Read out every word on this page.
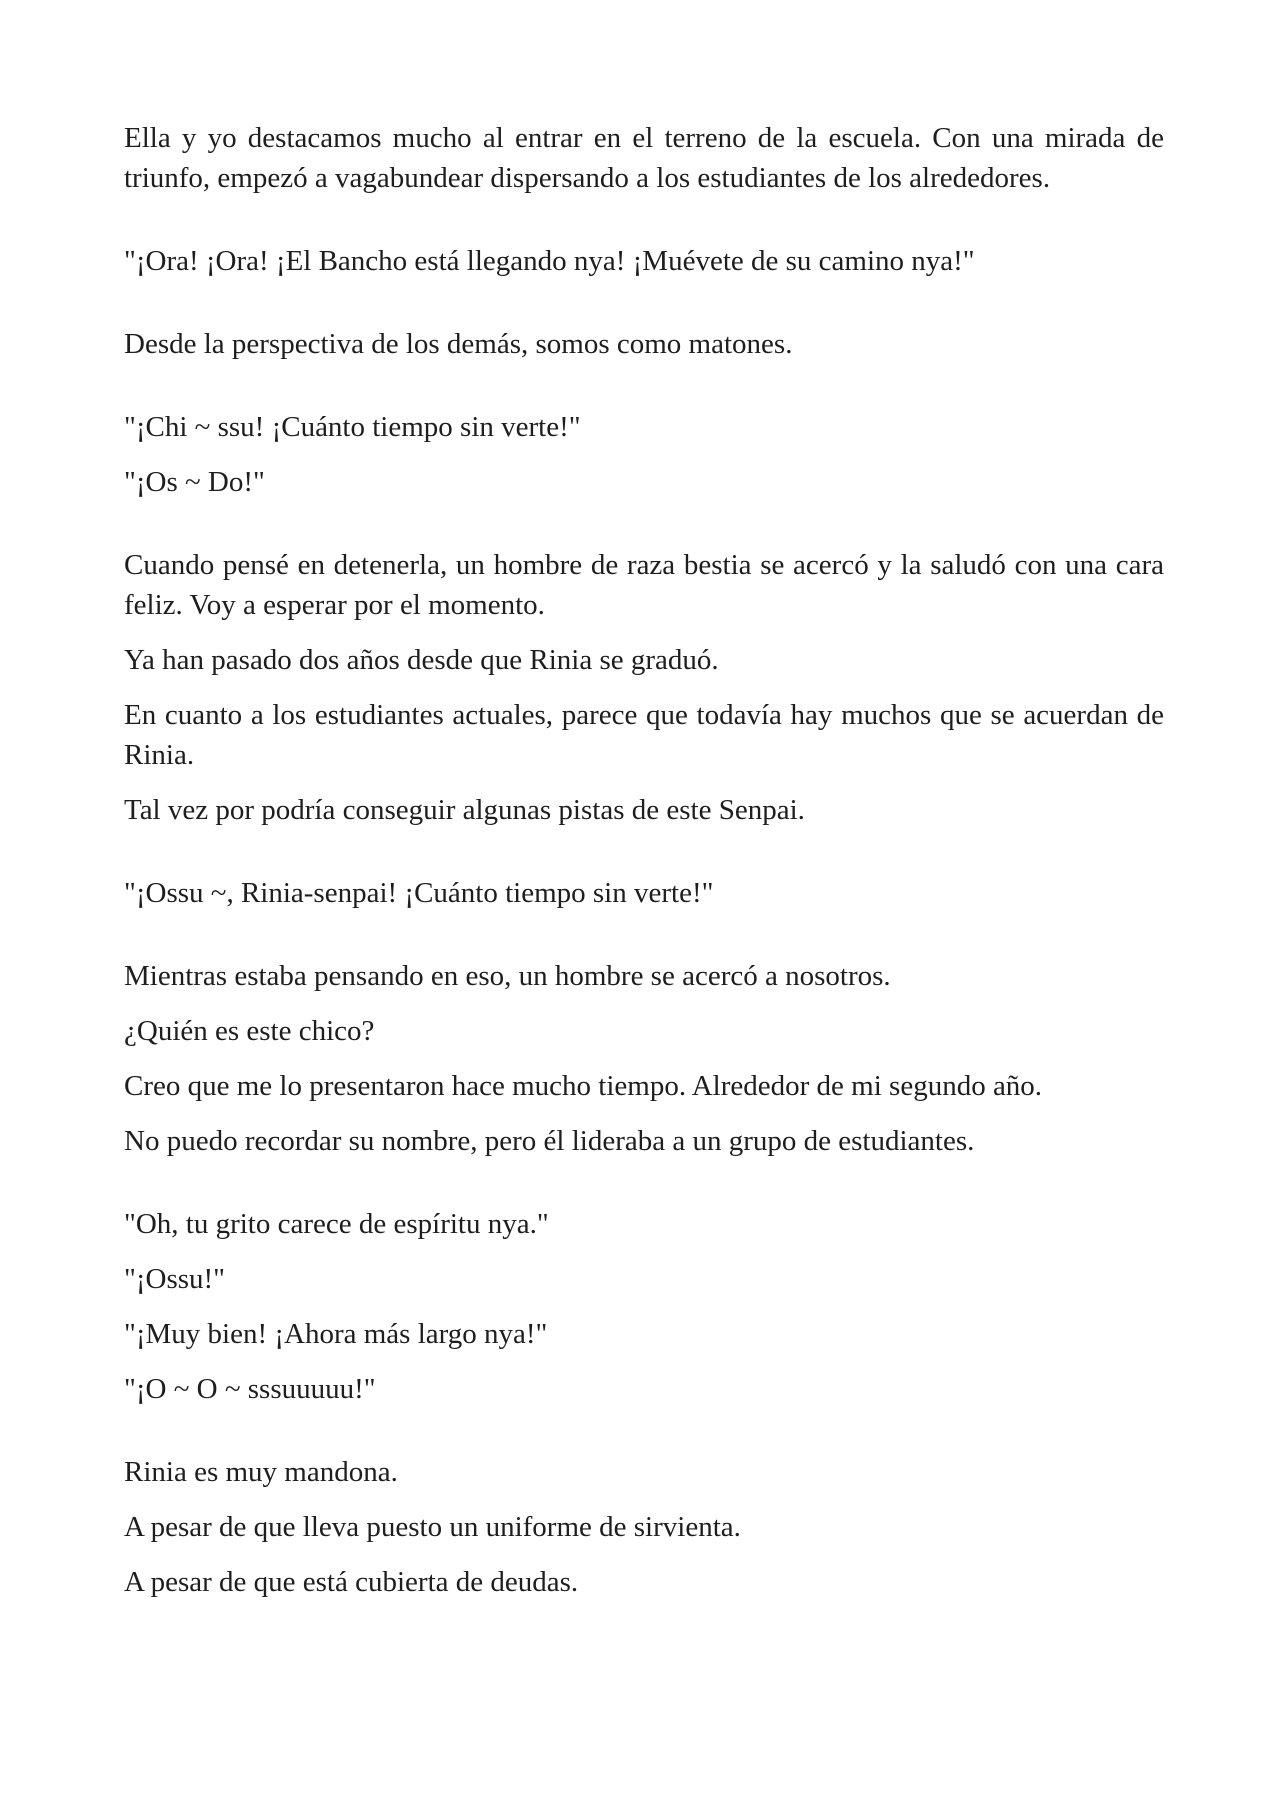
Ella y yo destacamos mucho al entrar en el terreno de la escuela. Con una mirada de triunfo, empezó a vagabundear dispersando a los estudiantes de los alrededores.

"¡Ora! ¡Ora! ¡El Bancho está llegando nya! ¡Muévete de su camino nya!"

Desde la perspectiva de los demás, somos como matones.

"¡Chi ~ ssu! ¡Cuánto tiempo sin verte!"

"¡Os ~ Do!"

Cuando pensé en detenerla, un hombre de raza bestia se acercó y la saludó con una cara feliz. Voy a esperar por el momento.

Ya han pasado dos años desde que Rinia se graduó.

En cuanto a los estudiantes actuales, parece que todavía hay muchos que se acuerdan de Rinia.

Tal vez por podría conseguir algunas pistas de este Senpai.

"¡Ossu ~, Rinia-senpai! ¡Cuánto tiempo sin verte!"

Mientras estaba pensando en eso, un hombre se acercó a nosotros.

¿Quién es este chico?

Creo que me lo presentaron hace mucho tiempo. Alrededor de mi segundo año.

No puedo recordar su nombre, pero él lideraba a un grupo de estudiantes.

"Oh, tu grito carece de espíritu nya."

"¡Ossu!"

"¡Muy bien! ¡Ahora más largo nya!"

"¡O ~ O ~ sssuuuuu!"

Rinia es muy mandona.

A pesar de que lleva puesto un uniforme de sirvienta.

A pesar de que está cubierta de deudas.
